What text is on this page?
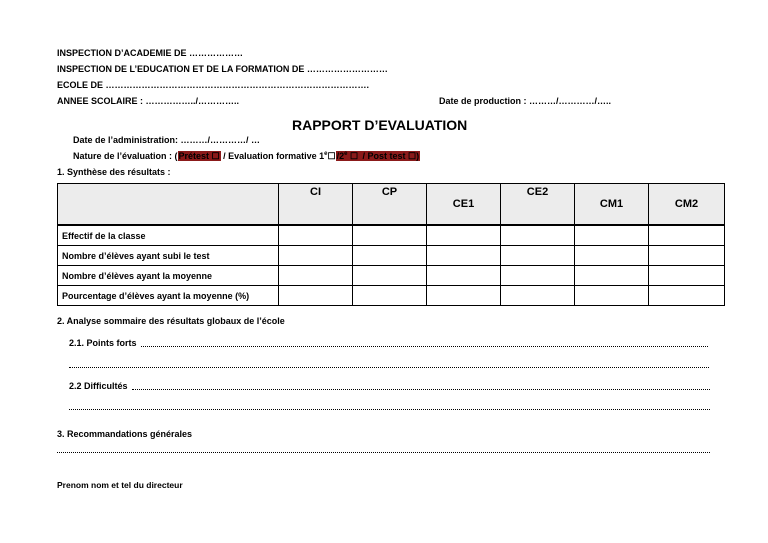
INSPECTION D’ACADEMIE DE ………………
INSPECTION DE L’EDUCATION ET DE LA FORMATION DE ………………………
ECOLE DE …………………………………………………………………………….
ANNEE SCOLAIRE : ……………../…………..	Date de production : ………/…………/…..
RAPPORT D’EVALUATION
Date de l’administration: ………/…………/ …
Nature de l’évaluation : (Prétest ☐ / Evaluation formative 1e☐/2e ☐ / Post test ☐)
1. Synthèse des résultats :
	CI	CP	CE1	CE2	CM1	CM2
Effectif de la classe						
Nombre d’élèves ayant subi le test						
Nombre d’élèves ayant la moyenne						
Pourcentage d’élèves ayant la moyenne (%)						
2. Analyse sommaire des résultats globaux de l’école
2.1. Points forts
2.2 Difficultés
3. Recommandations générales
Prenom nom et tel du directeur
